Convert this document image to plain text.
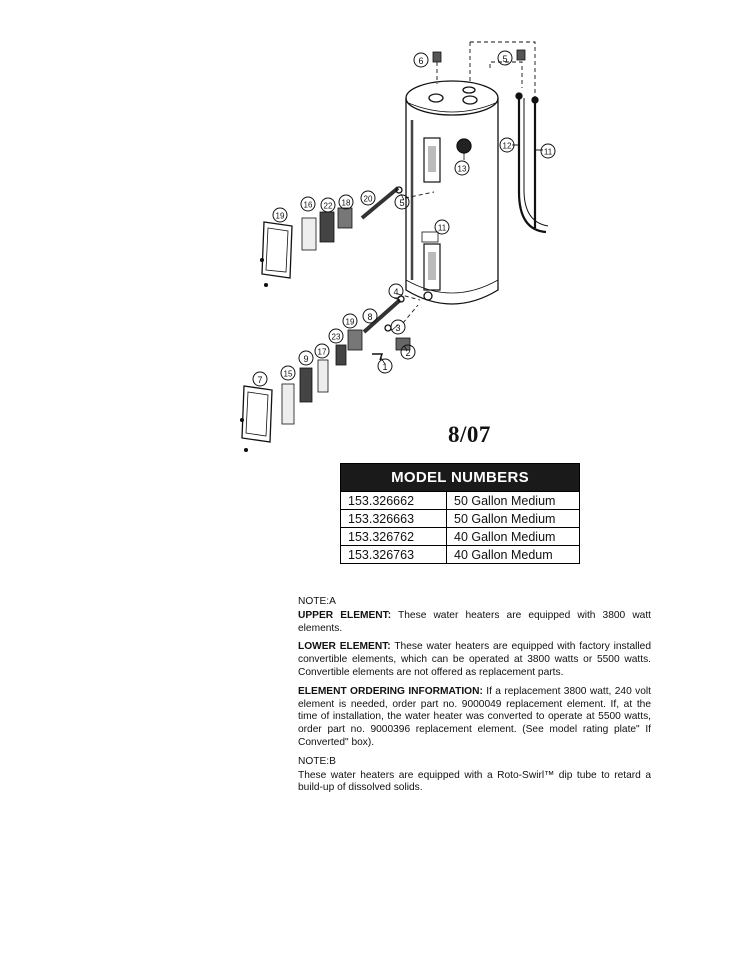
6	5
12
11
13
5
20
18
22
16
19
11
4
8
3
19
23
2
17
9
1
15
7
8/07
MODEL NUMBERS	
153.326662	50 Gallon Medium
153.326663	50 Gallon Medium
153.326762	40 Gallon Medium
153.326763	40 Gallon Medum
NOTE:A

UPPER ELEMENT: These water heaters are equipped with 3800 watt elements.

LOWER ELEMENT: These water heaters are equipped with factory installed convertible elements, which can be operated at 3800 watts or 5500 watts. Convertible elements are not offered as replacement parts.

ELEMENT ORDERING INFORMATION: If a replacement 3800 watt, 240 volt element is needed, order part no. 9000049 replacement element. If, at the time of installation, the water heater was converted to operate at 5500 watts, order part no. 9000396 replacement element. (See model rating plate" If Converted" box).

NOTE:B

These water heaters are equipped with a Roto-Swirl™ dip tube to retard a build-up of dissolved solids.
